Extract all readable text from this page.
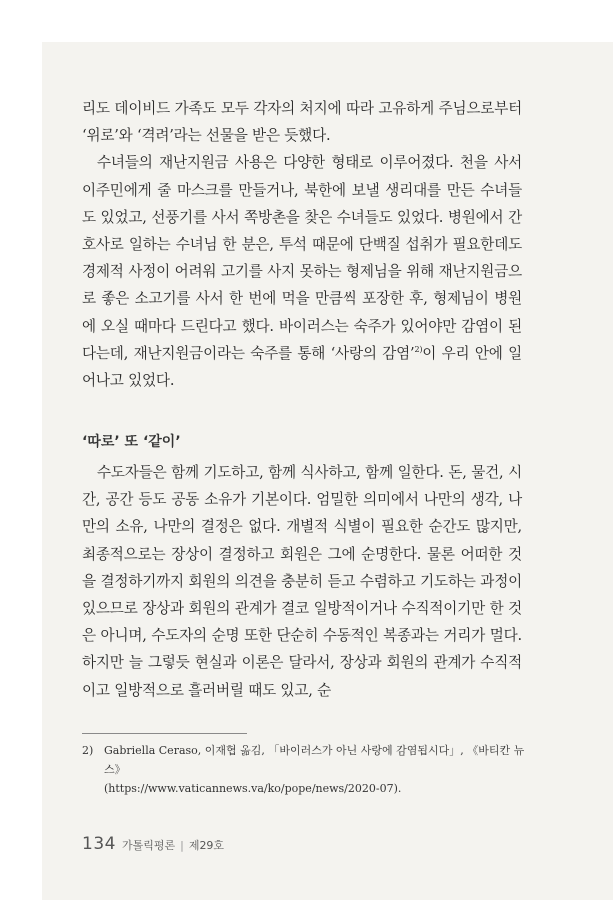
리도 데이비드 가족도 모두 각자의 처지에 따라 고유하게 주님으로부터 ‘위로’와 ‘격려’라는 선물을 받은 듯했다.

수녀들의 재난지원금 사용은 다양한 형태로 이루어졌다. 천을 사서 이주민에게 줄 마스크를 만들거나, 북한에 보낼 생리대를 만든 수녀들도 있었고, 선풍기를 사서 쪽방촌을 찾은 수녀들도 있었다. 병원에서 간호사로 일하는 수녀님 한 분은, 투석 때문에 단백질 섭취가 필요한데도 경제적 사정이 어려워 고기를 사지 못하는 형제님을 위해 재난지원금으로 좋은 소고기를 사서 한 번에 먹을 만큼씩 포장한 후, 형제님이 병원에 오실 때마다 드린다고 했다. 바이러스는 숙주가 있어야만 감염이 된다는데, 재난지원금이라는 숙주를 통해 ‘사랑의 감염’$^{2)}$이 우리 안에 일어나고 있었다.

‘따로’ 또 ‘같이’

수도자들은 함께 기도하고, 함께 식사하고, 함께 일한다. 돈, 물건, 시간, 공간 등도 공동 소유가 기본이다. 엄밀한 의미에서 나만의 생각, 나만의 소유, 나만의 결정은 없다. 개별적 식별이 필요한 순간도 많지만, 최종적으로는 장상이 결정하고 회원은 그에 순명한다. 물론 어떠한 것을 결정하기까지 회원의 의견을 충분히 듣고 수렴하고 기도하는 과정이 있으므로 장상과 회원의 관계가 결코 일방적이거나 수직적이기만 한 것은 아니며, 수도자의 순명 또한 단순히 수동적인 복종과는 거리가 멀다. 하지만 늘 그렇듯 현실과 이론은 달라서, 장상과 회원의 관계가 수직적이고 일방적으로 흘러버릴 때도 있고, 순

2) Gabriella Ceraso, 이재협 옮김, 「바이러스가 아닌 사랑에 감염됩시다」, 《바티칸 뉴스》
(https://www.vaticannews.va/ko/pope/news/2020-07).
134 가톨릭평론 | 제29호
